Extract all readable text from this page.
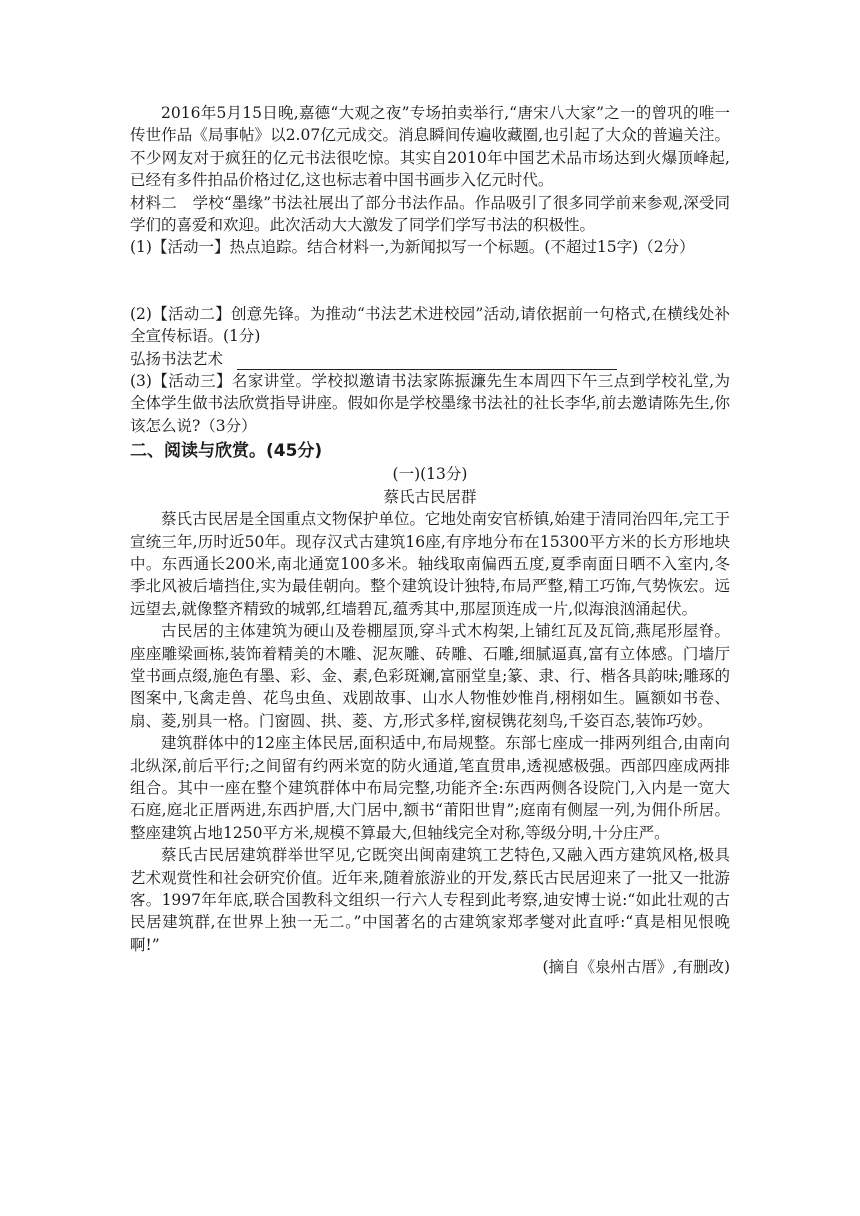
2016年5月15日晚,嘉德“大观之夜”专场拍卖举行,“唐宋八大家”之一的曾巩的唯一传世作品《局事帖》以2.07亿元成交。消息瞬间传遍收藏圈,也引起了大众的普遍关注。不少网友对于疯狂的亿元书法很吃惊。其实自2010年中国艺术品市场达到火爆顶峰起,已经有多件拍品价格过亿,这也标志着中国书画步入亿元时代。

材料二　学校“墨缘”书法社展出了部分书法作品。作品吸引了很多同学前来参观,深受同学们的喜爱和欢迎。此次活动大大激发了同学们学写书法的积极性。

(1)【活动一】热点追踪。结合材料一,为新闻拟写一个标题。(不超过15字)（2分）

(2)【活动二】创意先锋。为推动“书法艺术进校园”活动,请依据前一句格式,在横线处补全宣传标语。(1分)

弘扬书法艺术

(3)【活动三】名家讲堂。学校拟邀请书法家陈振濂先生本周四下午三点到学校礼堂,为全体学生做书法欣赏指导讲座。假如你是学校墨缘书法社的社长李华,前去邀请陈先生,你该怎么说?（3分）

二、阅读与欣赏。(45分)

(一)(13分)

蔡氏古民居群

蔡氏古民居是全国重点文物保护单位。它地处南安官桥镇,始建于清同治四年,完工于宣统三年,历时近50年。现存汉式古建筑16座,有序地分布在15300平方米的长方形地块中。东西通长200米,南北通宽100多米。轴线取南偏西五度,夏季南面日晒不入室内,冬季北风被后墙挡住,实为最佳朝向。整个建筑设计独特,布局严整,精工巧饰,气势恢宏。远远望去,就像整齐精致的城郭,红墙碧瓦,蕴秀其中,那屋顶连成一片,似海浪汹涌起伏。

古民居的主体建筑为硬山及卷棚屋顶,穿斗式木构架,上铺红瓦及瓦筒,燕尾形屋脊。座座雕梁画栋,装饰着精美的木雕、泥灰雕、砖雕、石雕,细腻逼真,富有立体感。门墙厅堂书画点缀,施色有墨、彩、金、素,色彩斑斓,富丽堂皇;篆、隶、行、楷各具韵味;雕琢的图案中,飞禽走兽、花鸟虫鱼、戏剧故事、山水人物惟妙惟肖,栩栩如生。匾额如书卷、扇、菱,别具一格。门窗圆、拱、菱、方,形式多样,窗棂镌花刻鸟,千姿百态,装饰巧妙。

建筑群体中的12座主体民居,面积适中,布局规整。东部七座成一排两列组合,由南向北纵深,前后平行;之间留有约两米宽的防火通道,笔直贯串,透视感极强。西部四座成两排组合。其中一座在整个建筑群体中布局完整,功能齐全:东西两侧各设院门,入内是一宽大石庭,庭北正厝两进,东西护厝,大门居中,额书“莆阳世胄”;庭南有侧屋一列,为佣仆所居。整座建筑占地1250平方米,规模不算最大,但轴线完全对称,等级分明,十分庄严。

蔡氏古民居建筑群举世罕见,它既突出闽南建筑工艺特色,又融入西方建筑风格,极具艺术观赏性和社会研究价值。近年来,随着旅游业的开发,蔡氏古民居迎来了一批又一批游客。1997年年底,联合国教科文组织一行六人专程到此考察,迪安博士说:“如此壮观的古民居建筑群,在世界上独一无二。”中国著名的古建筑家郑孝燮对此直呼:“真是相见恨晚啊!”

(摘自《泉州古厝》,有删改)
